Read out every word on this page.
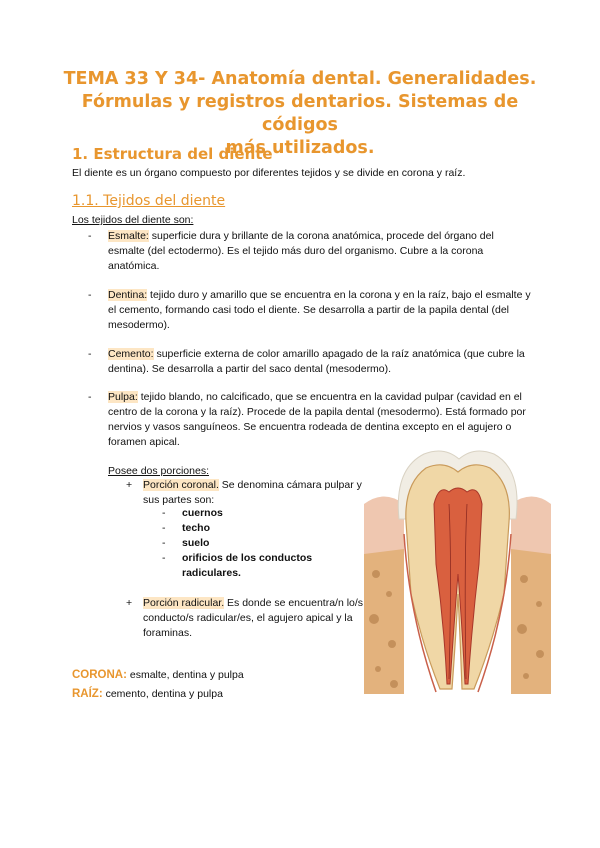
TEMA 33 Y 34- Anatomía dental. Generalidades.
Fórmulas y registros dentarios. Sistemas de códigos
más utilizados.
1. Estructura del diente

El diente es un órgano compuesto por diferentes tejidos y se divide en corona y raíz.

1.1. Tejidos del diente

Los tejidos del diente son:

- Esmalte: superficie dura y brillante de la corona anatómica, procede del órgano del esmalte (del ectodermo). Es el tejido más duro del organismo. Cubre a la corona anatómica.
- Dentina: tejido duro y amarillo que se encuentra en la corona y en la raíz, bajo el esmalte y el cemento, formando casi todo el diente. Se desarrolla a partir de la papila dental (del mesodermo).
- Cemento: superficie externa de color amarillo apagado de la raíz anatómica (que cubre la dentina). Se desarrolla a partir del saco dental (mesodermo).
- Pulpa: tejido blando, no calcificado, que se encuentra en la cavidad pulpar (cavidad en el centro de la corona y la raíz). Procede de la papila dental (mesodermo). Está formado por nervios y vasos sanguíneos. Se encuentra rodeada de dentina excepto en el agujero o foramen apical.

Posee dos porciones:

+ Porción coronal. Se denomina cámara pulpar y sus partes son:
- cuernos
- techo
- suelo
- orificios de los conductos radiculares.
+ Porción radicular. Es donde se encuentra/n lo/s conducto/s radicular/es, el agujero apical y la foraminas.

CORONA: esmalte, dentina y pulpa

RAÍZ: cemento, dentina y pulpa
